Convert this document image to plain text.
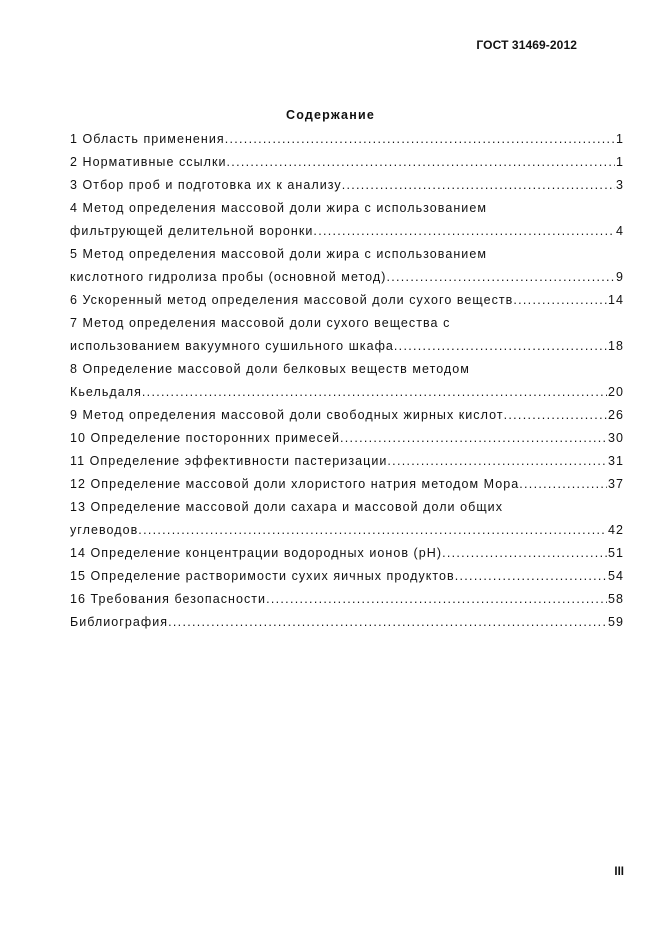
ГОСТ 31469-2012
Содержание
1 Область применения .....	1
2 Нормативные ссылки .....	1
3 Отбор проб и подготовка их к анализу .....	3
4 Метод определения массовой доли жира с использованием
фильтрующей делительной воронки .....	4
5 Метод определения массовой доли жира с использованием
кислотного гидролиза пробы (основной метод) .....	9
6 Ускоренный метод определения массовой доли сухого веществ .....	14
7 Метод определения массовой доли сухого вещества с
использованием вакуумного сушильного шкафа .....	18
8 Определение массовой доли белковых веществ методом
Кьельдаля .....	20
9 Метод определения массовой доли свободных жирных кислот .....	26
10 Определение посторонних примесей .....	30
11 Определение эффективности пастеризации .....	31
12 Определение массовой доли хлористого натрия методом Мора .....	37
13 Определение массовой доли сахара и массовой доли общих
углеводов .....	42
14 Определение концентрации водородных ионов (рН) .....	51
15 Определение растворимости сухих яичных продуктов .....	54
16 Требования безопасности .....	58
Библиография .....	59
III
